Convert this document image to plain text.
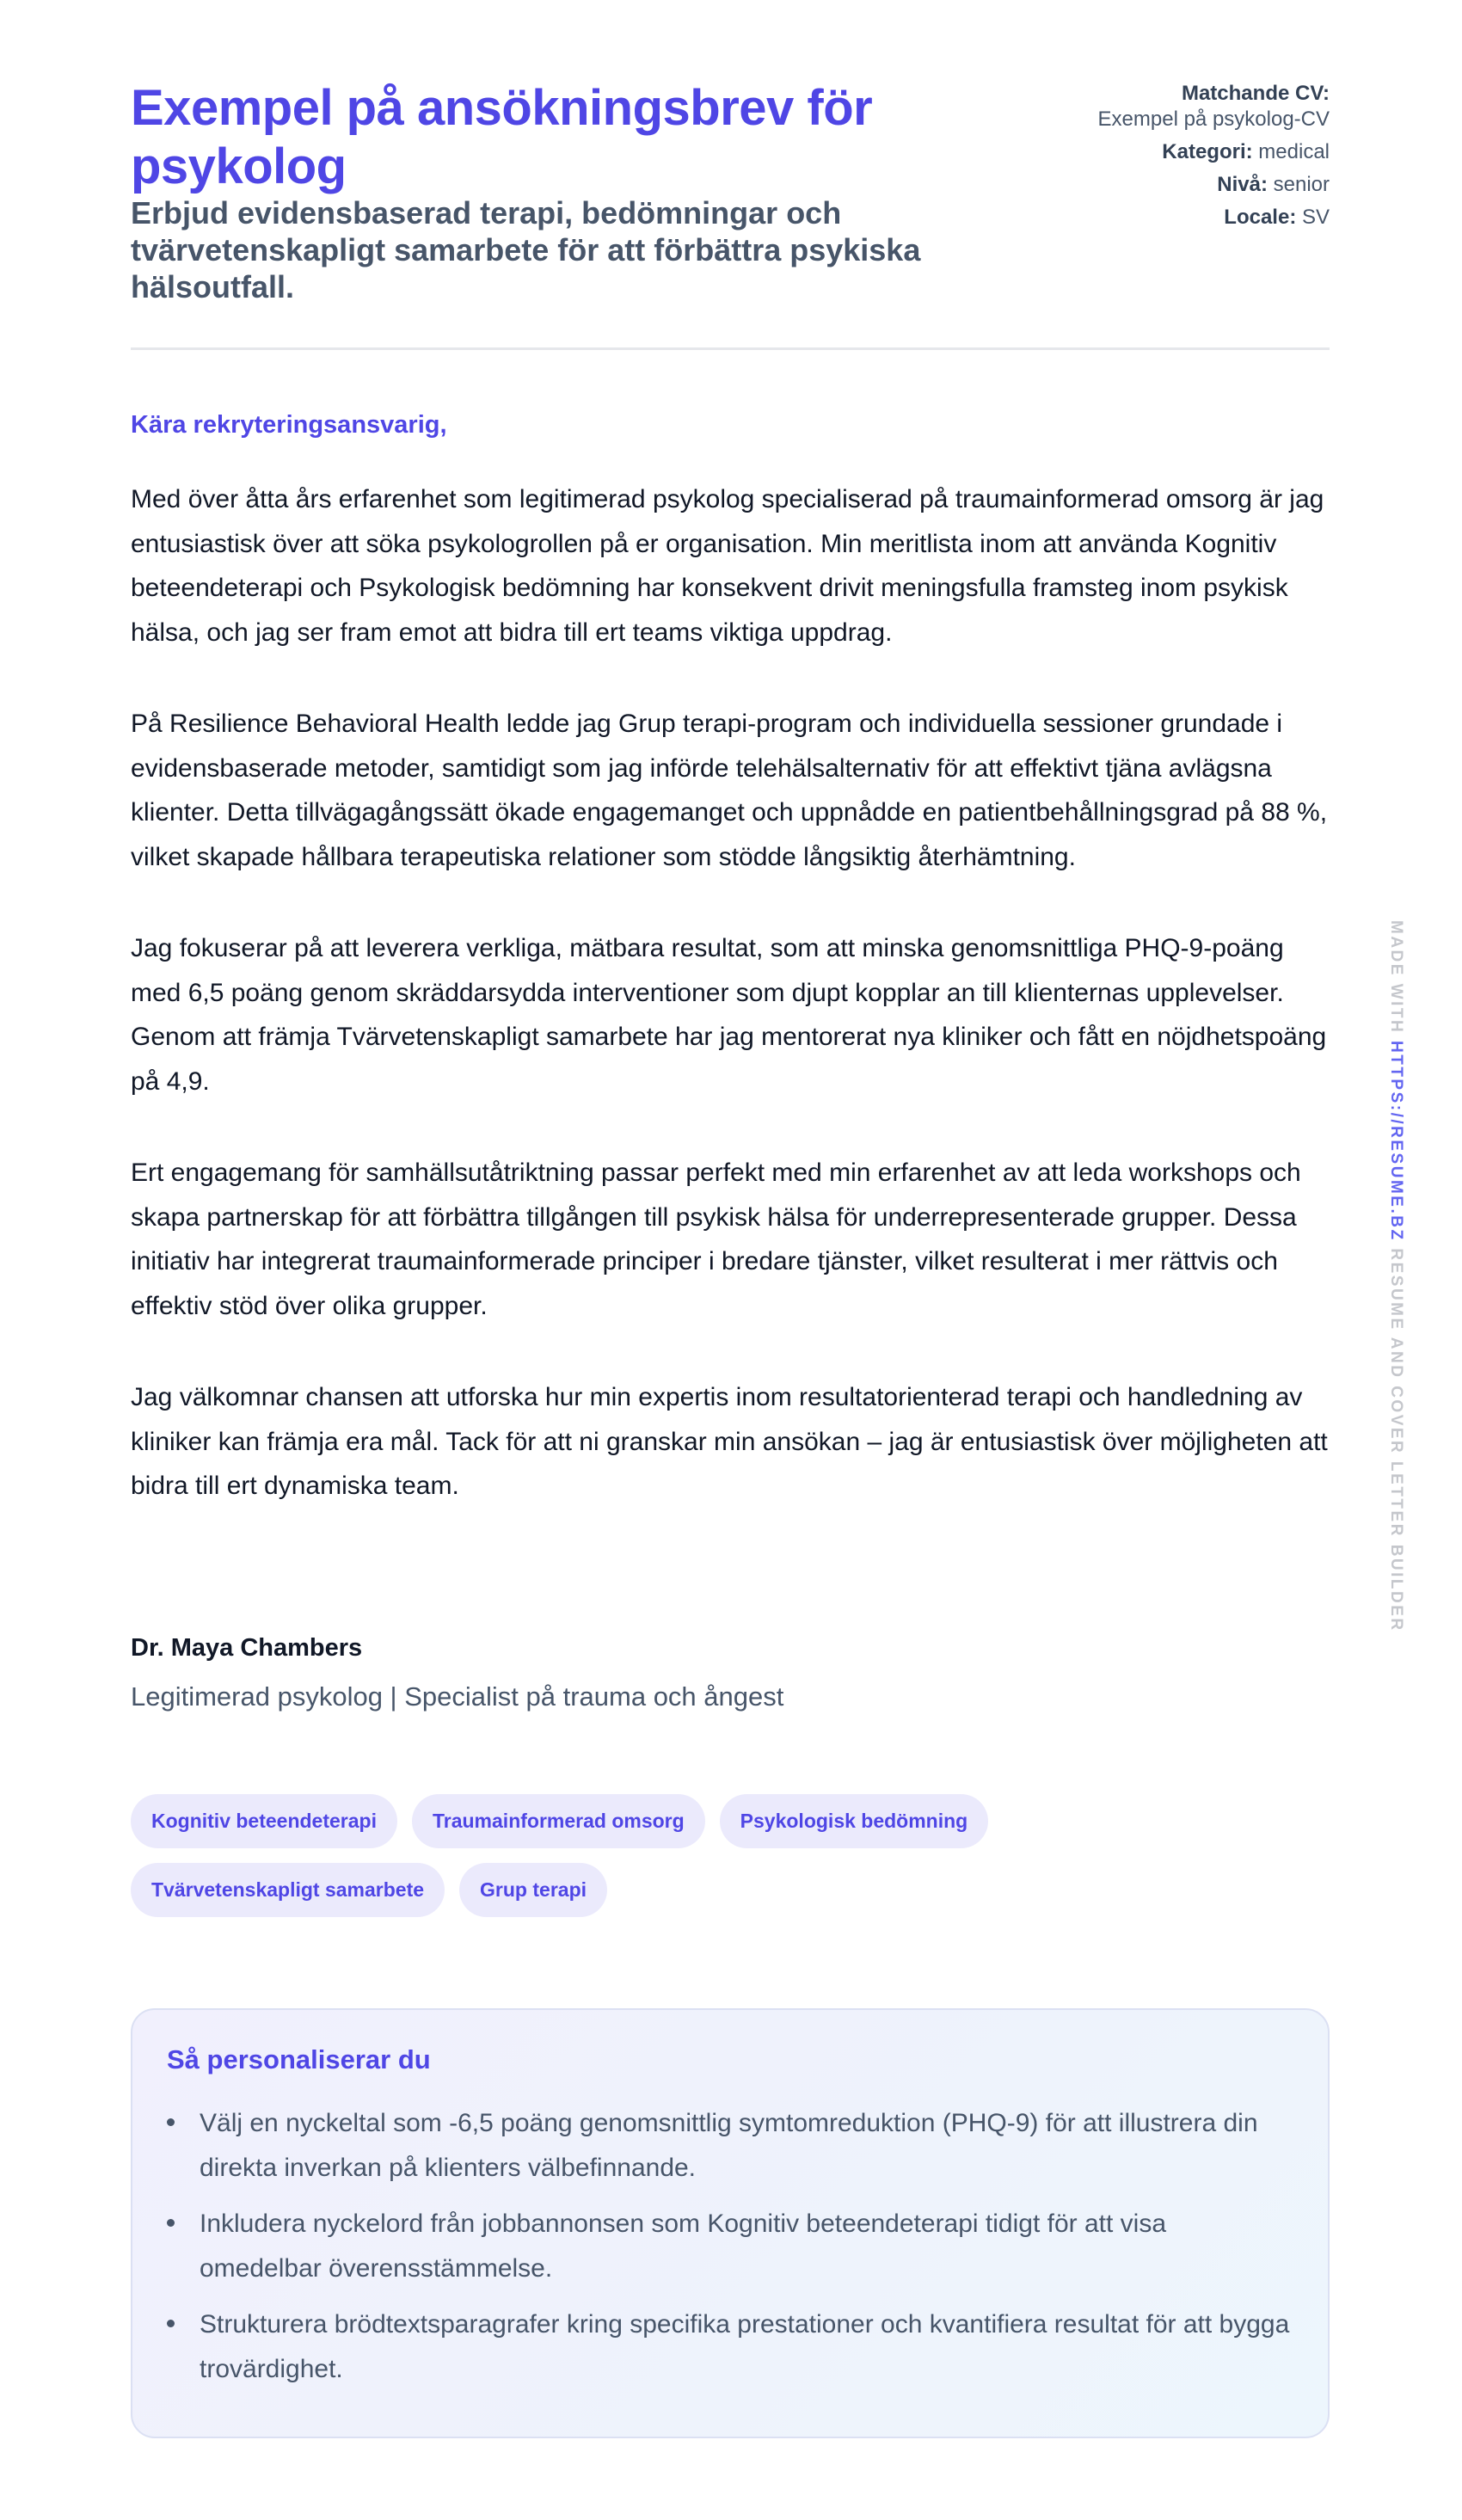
Exempel på ansökningsbrev för psykolog
Erbjud evidensbaserad terapi, bedömningar och tvärvetenskapligt samarbete för att förbättra psykiska hälsoutfall.
Matchande CV:
Exempel på psykolog-CV
Kategori: medical
Nivå: senior
Locale: SV

Kära rekryteringsansvarig,

Med över åtta års erfarenhet som legitimerad psykolog specialiserad på traumainformerad omsorg är jag entusiastisk över att söka psykologrollen på er organisation. Min meritlista inom att använda Kognitiv beteendeterapi och Psykologisk bedömning har konsekvent drivit meningsfulla framsteg inom psykisk hälsa, och jag ser fram emot att bidra till ert teams viktiga uppdrag.

På Resilience Behavioral Health ledde jag Grup terapi-program och individuella sessioner grundade i evidensbaserade metoder, samtidigt som jag införde telehälsalternativ för att effektivt tjäna avlägsna klienter. Detta tillvägagångssätt ökade engagemanget och uppnådde en patientbehållningsgrad på 88 %, vilket skapade hållbara terapeutiska relationer som stödde långsiktig återhämtning.

Jag fokuserar på att leverera verkliga, mätbara resultat, som att minska genomsnittliga PHQ-9-poäng med 6,5 poäng genom skräddarsydda interventioner som djupt kopplar an till klienternas upplevelser. Genom att främja Tvärvetenskapligt samarbete har jag mentorerat nya kliniker och fått en nöjdhetspoäng på 4,9.

Ert engagemang för samhällsutåtriktning passar perfekt med min erfarenhet av att leda workshops och skapa partnerskap för att förbättra tillgången till psykisk hälsa för underrepresenterade grupper. Dessa initiativ har integrerat traumainformerade principer i bredare tjänster, vilket resulterat i mer rättvis och effektiv stöd över olika grupper.

Jag välkomnar chansen att utforska hur min expertis inom resultatorienterad terapi och handledning av kliniker kan främja era mål. Tack för att ni granskar min ansökan – jag är entusiastisk över möjligheten att bidra till ert dynamiska team.

Dr. Maya Chambers

Legitimerad psykolog | Specialist på trauma och ångest

Kognitiv beteendeterapi	Traumainformerad omsorg	Psykologisk bedömning
Tvärvetenskapligt samarbete	Grup terapi
Så personaliserar du
Välj en nyckeltal som -6,5 poäng genomsnittlig symtomreduktion (PHQ-9) för att illustrera din direkta inverkan på klienters välbefinnande.
Inkludera nyckelord från jobbannonsen som Kognitiv beteendeterapi tidigt för att visa omedelbar överensstämmelse.
Strukturera brödtextsparagrafer kring specifika prestationer och kvantifiera resultat för att bygga trovärdighet.
MADE WITH HTTPS://RESUME.BZ RESUME AND COVER LETTER BUILDER
